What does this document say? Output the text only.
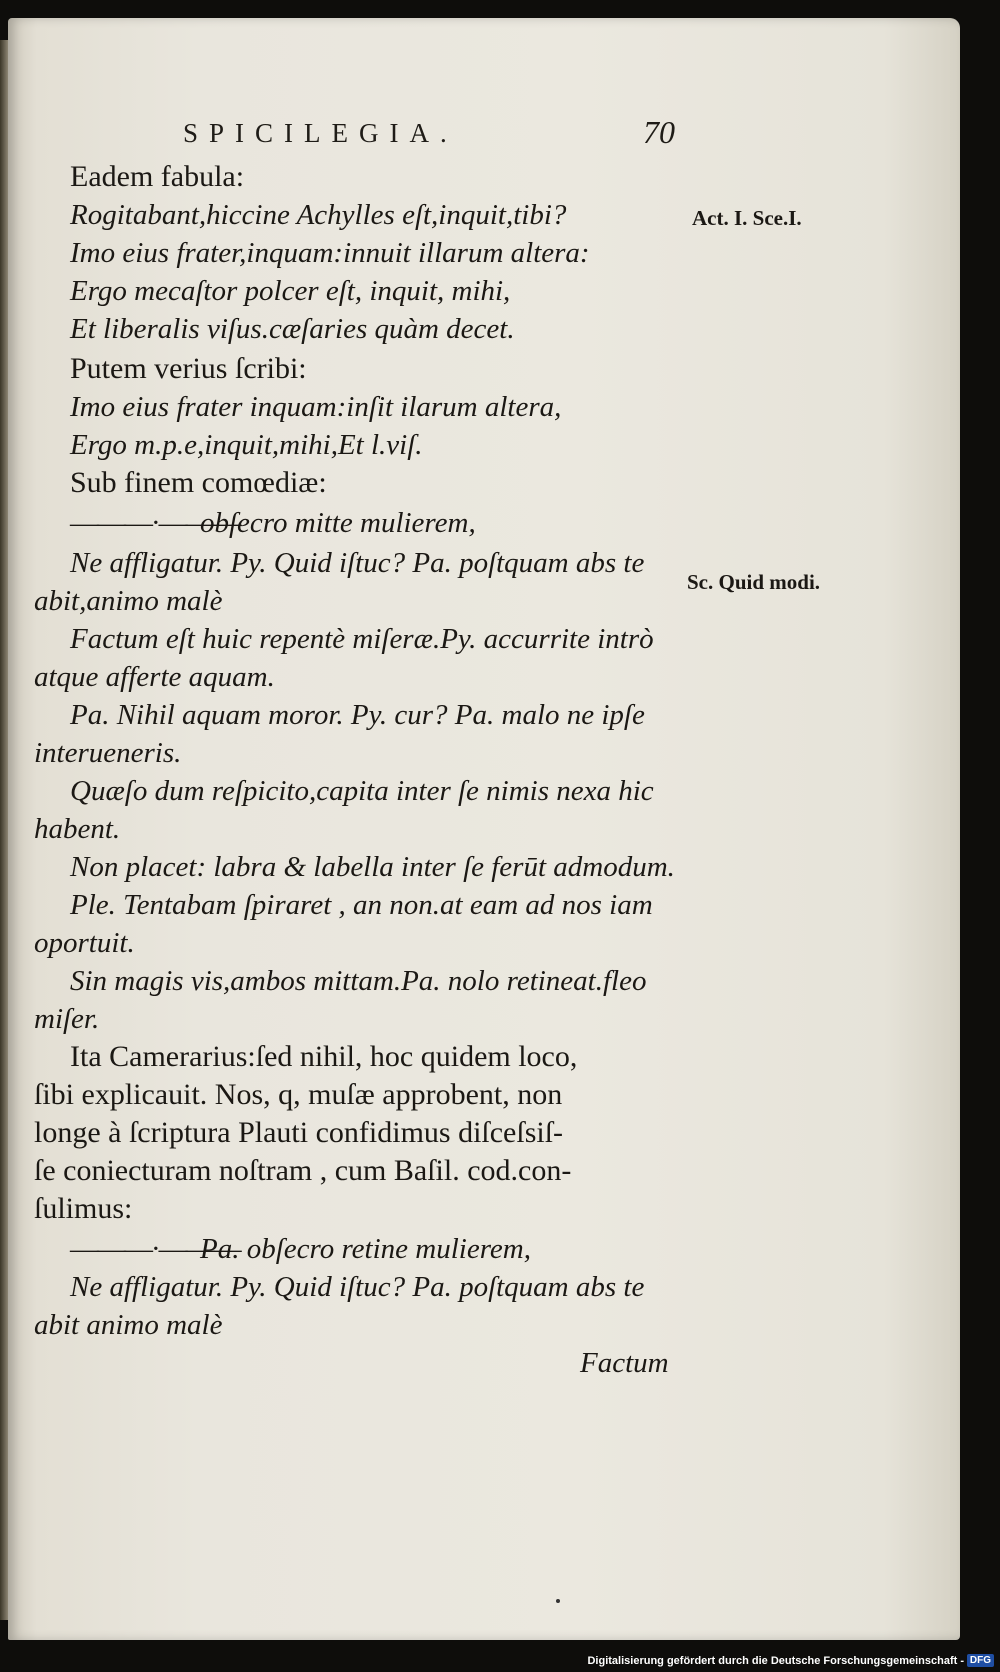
SPICILEGIA.	70
Eadem fabula:
Rogitabant,hiccine Achylles eſt,inquit,tibi?
Imo eius frater,inquam:innuit illarum altera:
Ergo mecaſtor polcer eſt, inquit, mihi,
Et liberalis viſus.cæſaries quàm decet.
Putem verius ſcribi:
Imo eius frater inquam:inſit ilarum altera,
Ergo m.p.e,inquit,mihi,Et l.viſ.
Sub finem comœdiæ:
———·———
obſecro mitte mulierem,
Ne affligatur. Py. Quid iſtuc? Pa. poſtquam abs te
abit,animo malè
Factum eſt huic repentè miſeræ.Py. accurrite intrò
atque afferte aquam.
Pa. Nihil aquam moror. Py. cur? Pa. malo ne ipſe
interueneris.
Quæſo dum reſpicito,capita inter ſe nimis nexa hic
habent.
Non placet: labra & labella inter ſe ferūt admodum.
Ple. Tentabam ſpiraret , an non.at eam ad nos iam
oportuit.
Sin magis vis,ambos mittam.Pa. nolo retineat.fleo
miſer.
Ita Camerarius:ſed nihil, hoc quidem loco,
ſibi explicauit. Nos, q, muſæ approbent, non
longe à ſcriptura Plauti confidimus diſceſsiſ-
ſe coniecturam noſtram , cum Baſil. cod.con-
ſulimus:
———·———
Pa. obſecro retine mulierem,
Ne affligatur. Py. Quid iſtuc? Pa. poſtquam abs te
abit animo malè
Factum
Act. I. Sce.I.
Sc. Quid modi.
Digitalisierung gefördert durch die Deutsche Forschungsgemeinschaft - DFG
